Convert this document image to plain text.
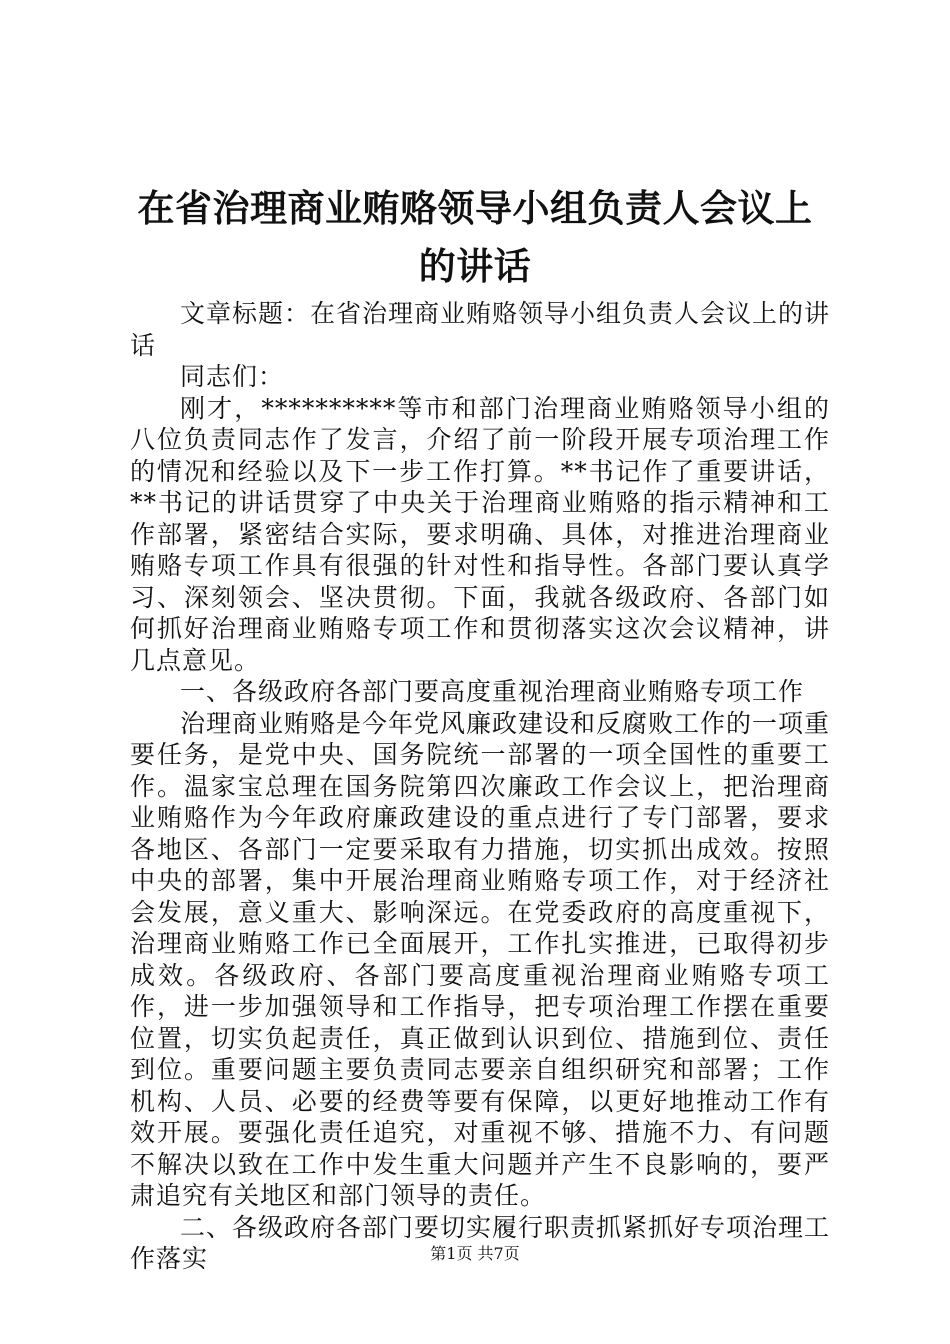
在省治理商业贿赂领导小组负责人会议上的讲话

文章标题：在省治理商业贿赂领导小组负责人会议上的讲话

同志们：

刚才，**********等市和部门治理商业贿赂领导小组的八位负责同志作了发言，介绍了前一阶段开展专项治理工作的情况和经验以及下一步工作打算。**书记作了重要讲话，**书记的讲话贯穿了中央关于治理商业贿赂的指示精神和工作部署，紧密结合实际，要求明确、具体，对推进治理商业贿赂专项工作具有很强的针对性和指导性。各部门要认真学习、深刻领会、坚决贯彻。下面，我就各级政府、各部门如何抓好治理商业贿赂专项工作和贯彻落实这次会议精神，讲几点意见。

一、各级政府各部门要高度重视治理商业贿赂专项工作

治理商业贿赂是今年党风廉政建设和反腐败工作的一项重要任务，是党中央、国务院统一部署的一项全国性的重要工作。温家宝总理在国务院第四次廉政工作会议上，把治理商业贿赂作为今年政府廉政建设的重点进行了专门部署，要求各地区、各部门一定要采取有力措施，切实抓出成效。按照中央的部署，集中开展治理商业贿赂专项工作，对于经济社会发展，意义重大、影响深远。在党委政府的高度重视下，治理商业贿赂工作已全面展开，工作扎实推进，已取得初步成效。各级政府、各部门要高度重视治理商业贿赂专项工作，进一步加强领导和工作指导，把专项治理工作摆在重要位置，切实负起责任，真正做到认识到位、措施到位、责任到位。重要问题主要负责同志要亲自组织研究和部署；工作机构、人员、必要的经费等要有保障，以更好地推动工作有效开展。要强化责任追究，对重视不够、措施不力、有问题不解决以致在工作中发生重大问题并产生不良影响的，要严肃追究有关地区和部门领导的责任。

二、各级政府各部门要切实履行职责抓紧抓好专项治理工作落实	第1页 共7页
